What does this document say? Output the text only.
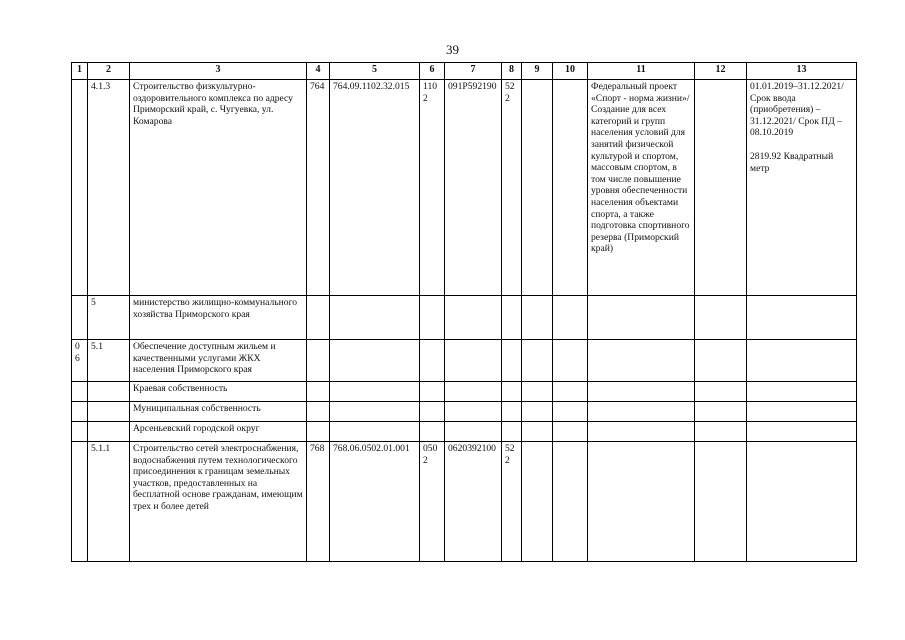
39
1	2	3	4	5	6	7	8	9	10	11	12	13
	4.1.3	Строительство физкультурно-оздоровительного комплекса по адресу Приморский край, с. Чугуевка, ул. Комарова	764	764.09.1102.32.015	1102	091P592190	522			Федеральный проект «Спорт - норма жизни»/Создание для всех категорий и групп населения условий для занятий физической культурой и спортом, массовым спортом, в том числе повышение уровня обеспеченности населения объектами спорта, а также подготовка спортивного резерва (Приморский край)		01.01.2019–31.12.2021/ Срок ввода (приобретения) – 31.12.2021/ Срок ПД – 08.10.2019
2819.92 Квадратный метр

	5	министерство жилищно-коммунального хозяйства Приморского края										
06	5.1	Обеспечение доступным жильем и качественными услугами ЖКХ населения Приморского края										
		Краевая собственность										
		Муниципальная собственность										
		Арсеньевский городской округ										
	5.1.1	Строительство сетей электроснабжения, водоснабжения путем технологического присоединения к границам земельных участков, предоставленных на бесплатной основе гражданам, имеющим трех и более детей	768	768.06.0502.01.001	0502	0620392100	522					
